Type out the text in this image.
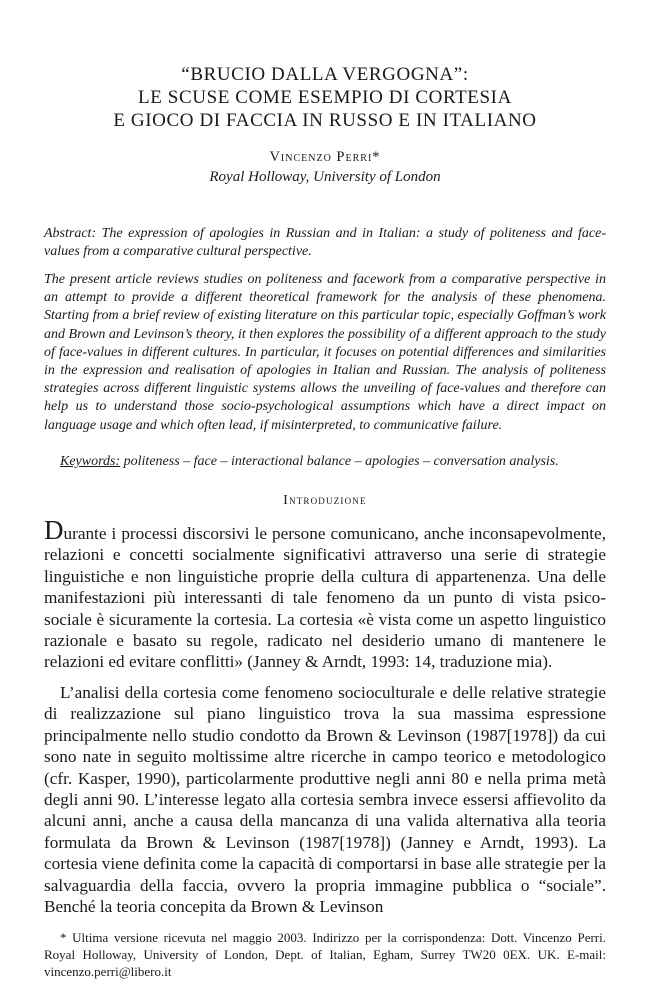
“BRUCIO DALLA VERGOGNA”:
LE SCUSE COME ESEMPIO DI CORTESIA
E GIOCO DI FACCIA IN RUSSO E IN ITALIANO
Vincenzo Perri*
Royal Holloway, University of London

Abstract: The expression of apologies in Russian and in Italian: a study of politeness and face-values from a comparative cultural perspective.

The present article reviews studies on politeness and facework from a comparative perspective in an attempt to provide a different theoretical framework for the analysis of these phenomena. Starting from a brief review of existing literature on this particular topic, especially Goffman’s work and Brown and Levinson’s theory, it then explores the possibility of a different approach to the study of face-values in different cultures. In particular, it focuses on potential differences and similarities in the expression and realisation of apologies in Italian and Russian. The analysis of politeness strategies across different linguistic systems allows the unveiling of face-values and therefore can help us to understand those socio-psychological assumptions which have a direct impact on language usage and which often lead, if misinterpreted, to communicative failure.

Keywords: politeness – face – interactional balance – apologies – conversation analysis.

Introduzione

Durante i processi discorsivi le persone comunicano, anche inconsapevolmente, relazioni e concetti socialmente significativi attraverso una serie di strategie linguistiche e non linguistiche proprie della cultura di appartenenza. Una delle manifestazioni più interessanti di tale fenomeno da un punto di vista psico-sociale è sicuramente la cortesia. La cortesia «è vista come un aspetto linguistico razionale e basato su regole, radicato nel desiderio umano di mantenere le relazioni ed evitare conflitti» (Janney & Arndt, 1993: 14, traduzione mia).

L’analisi della cortesia come fenomeno socioculturale e delle relative strategie di realizzazione sul piano linguistico trova la sua massima espressione principalmente nello studio condotto da Brown & Levinson (1987[1978]) da cui sono nate in seguito moltissime altre ricerche in campo teorico e metodologico (cfr. Kasper, 1990), particolarmente produttive negli anni 80 e nella prima metà degli anni 90. L’interesse legato alla cortesia sembra invece essersi affievolito da alcuni anni, anche a causa della mancanza di una valida alternativa alla teoria formulata da Brown & Levinson (1987[1978]) (Janney e Arndt, 1993). La cortesia viene definita come la capacità di comportarsi in base alle strategie per la salvaguardia della faccia, ovvero la propria immagine pubblica o “sociale”. Benché la teoria concepita da Brown & Levinson

* Ultima versione ricevuta nel maggio 2003. Indirizzo per la corrispondenza: Dott. Vincenzo Perri. Royal Holloway, University of London, Dept. of Italian, Egham, Surrey TW20 0EX. UK. E-mail: vincenzo.perri@libero.it
